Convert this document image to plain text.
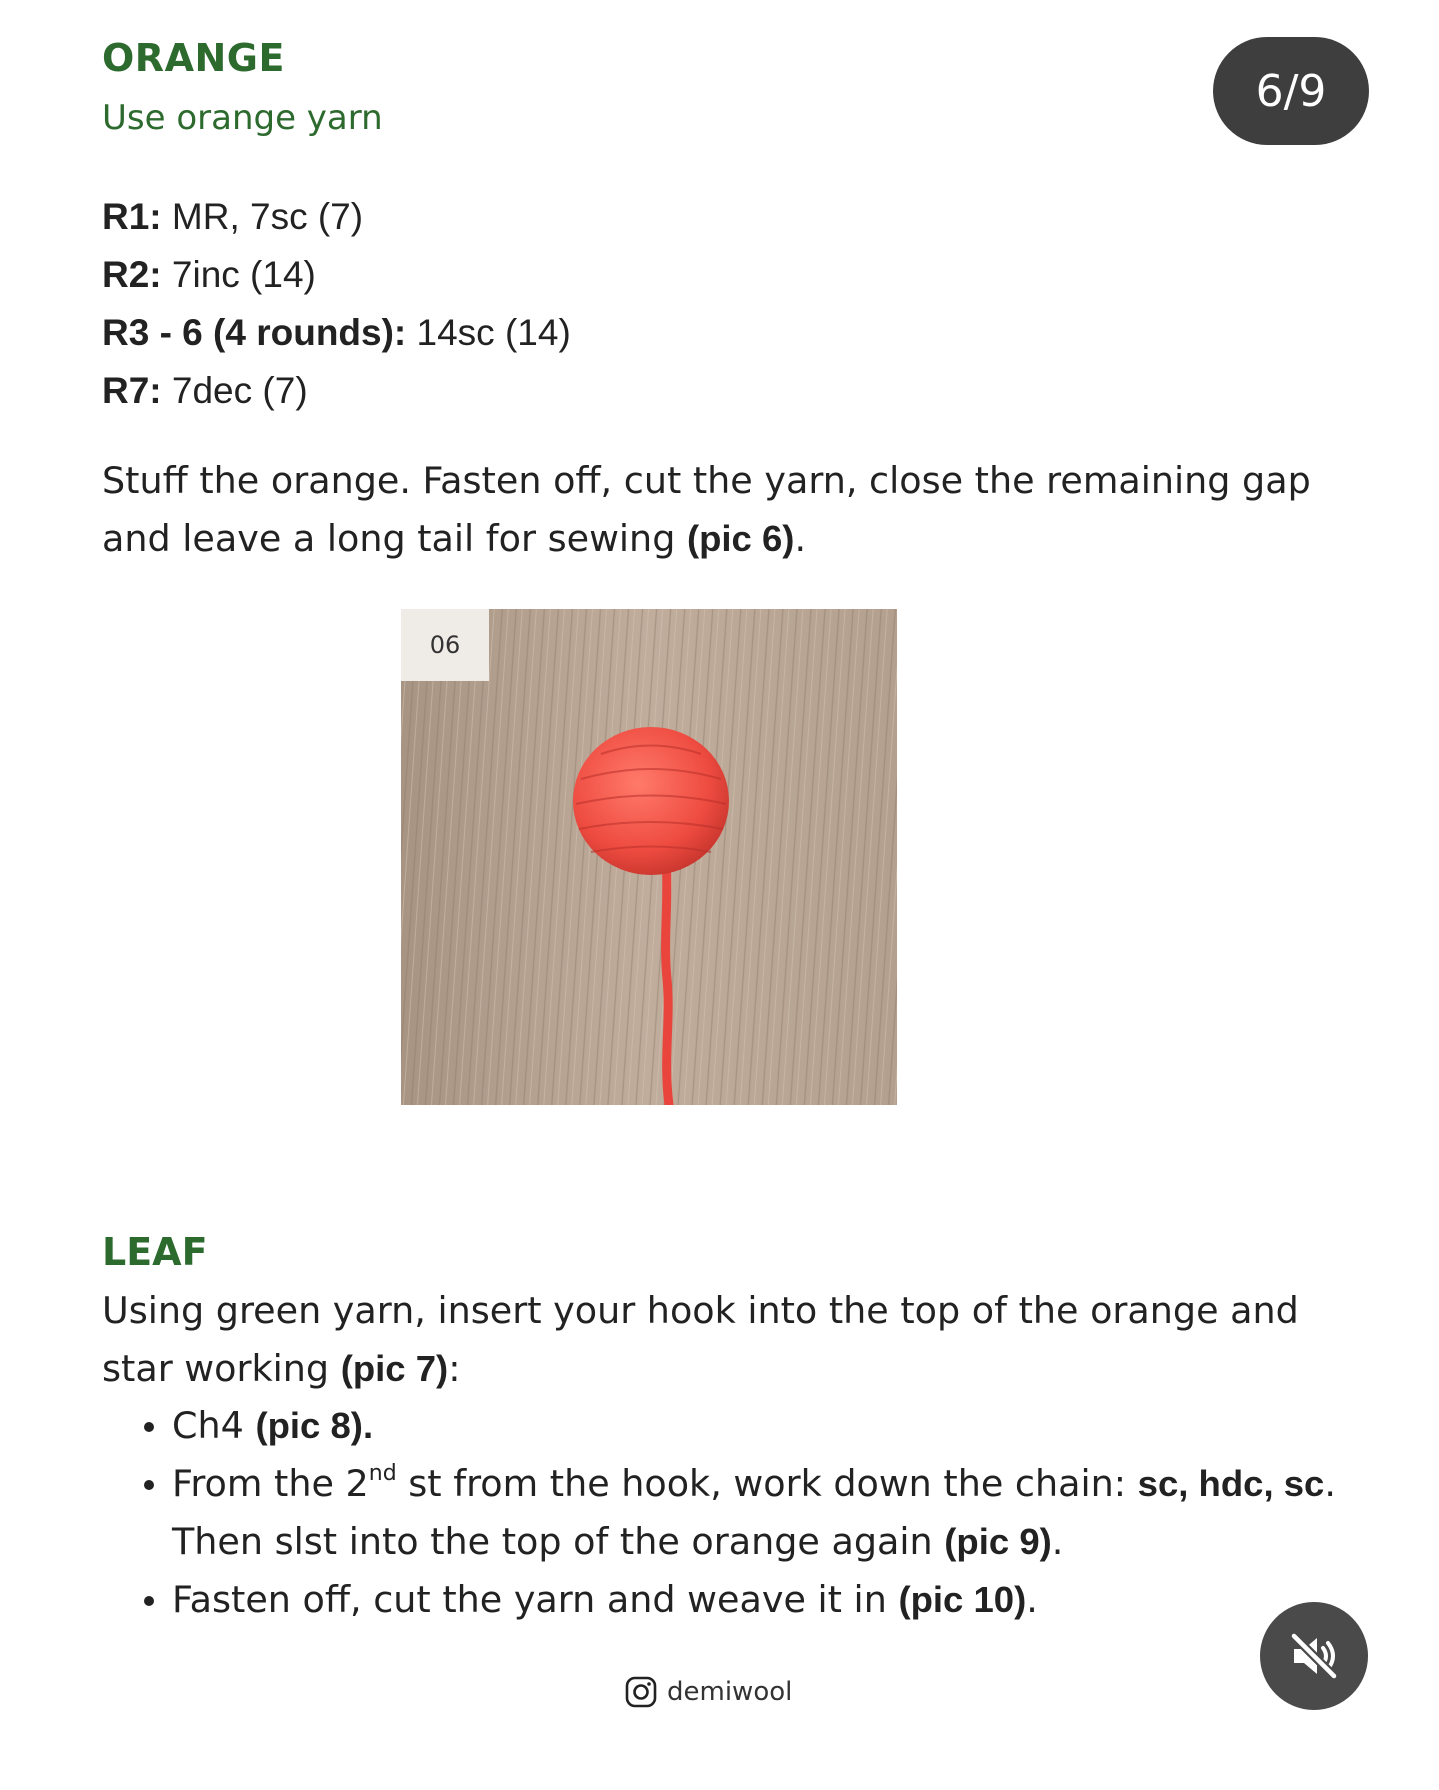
ORANGE
Use orange yarn
6/9
R1: MR, 7sc (7)
R2: 7inc (14)
R3 - 6 (4 rounds): 14sc (14)
R7: 7dec (7)

Stuff the orange. Fasten off, cut the yarn, close the remaining gap and leave a long tail for sewing (pic 6).

06
LEAF

Using green yarn, insert your hook into the top of the orange and star working (pic 7):

Ch4 (pic 8).
From the 2nd st from the hook, work down the chain: sc, hdc, sc. Then slst into the top of the orange again (pic 9).
Fasten off, cut the yarn and weave it in (pic 10).
demiwool
